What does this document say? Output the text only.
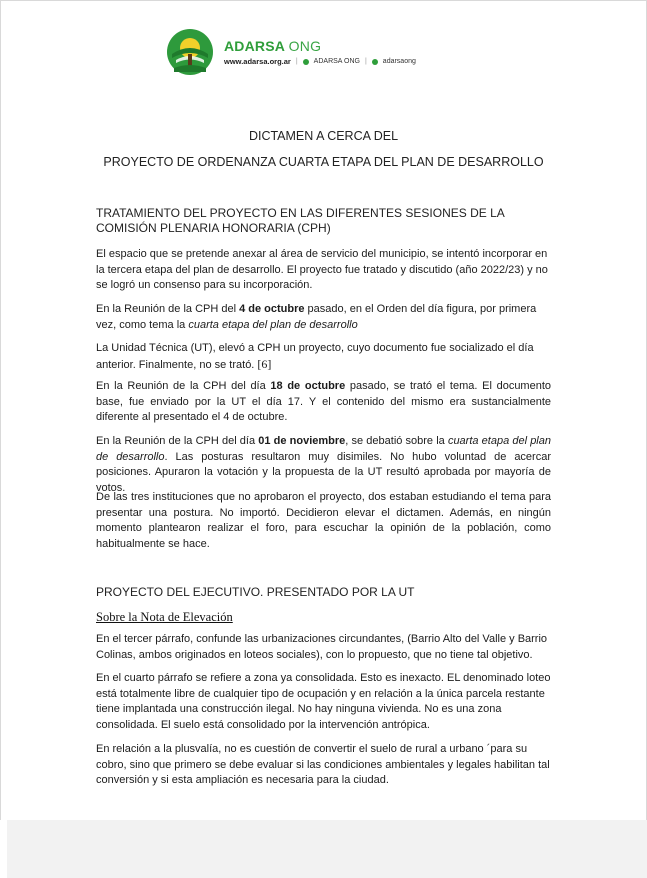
ADARSA ONG
www.adarsa.org.ar | ADARSA ONG | adarsaong
DICTAMEN A CERCA DEL
PROYECTO DE ORDENANZA CUARTA ETAPA DEL PLAN DE DESARROLLO
TRATAMIENTO DEL PROYECTO EN LAS DIFERENTES SESIONES DE LA COMISIÓN PLENARIA HONORARIA (CPH)

El espacio que se pretende anexar al área de servicio del municipio, se intentó incorporar en la tercera etapa del plan de desarrollo. El proyecto fue tratado y discutido (año 2022/23) y no se logró un consenso para su incorporación.

En la Reunión de la CPH del 4 de octubre pasado, en el Orden del día figura, por primera vez, como tema la cuarta etapa del plan de desarrollo

La Unidad Técnica (UT), elevó a CPH un proyecto, cuyo documento fue socializado el día anterior. Finalmente, no se trató. [6]

En la Reunión de la CPH del día 18 de octubre pasado, se trató el tema. El documento base, fue enviado por la UT el día 17. Y el contenido del mismo era sustancialmente diferente al presentado el 4 de octubre.

En la Reunión de la CPH del día 01 de noviembre, se debatió sobre la cuarta etapa del plan de desarrollo. Las posturas resultaron muy disimiles. No hubo voluntad de acercar posiciones. Apuraron la votación y la propuesta de la UT resultó aprobada por mayoría de votos.

De las tres instituciones que no aprobaron el proyecto, dos estaban estudiando el tema para presentar una postura. No importó. Decidieron elevar el dictamen. Además, en ningún momento plantearon realizar el foro, para escuchar la opinión de la población, como habitualmente se hace.

PROYECTO DEL EJECUTIVO. PRESENTADO POR LA UT
Sobre la Nota de Elevación

En el tercer párrafo, confunde las urbanizaciones circundantes, (Barrio Alto del Valle y Barrio Colinas, ambos originados en loteos sociales), con lo propuesto, que no tiene tal objetivo.

En el cuarto párrafo se refiere a zona ya consolidada. Esto es inexacto. EL denominado loteo está totalmente libre de cualquier tipo de ocupación y en relación a la única parcela restante tiene implantada una construcción ilegal. No hay ninguna vivienda. No es una zona consolidada. El suelo está consolidado por la intervención antrópica.

En relación a la plusvalía, no es cuestión de convertir el suelo de rural a urbano ´para su cobro, sino que primero se debe evaluar si las condiciones ambientales y legales habilitan tal conversión y si esta ampliación es necesaria para la ciudad.
